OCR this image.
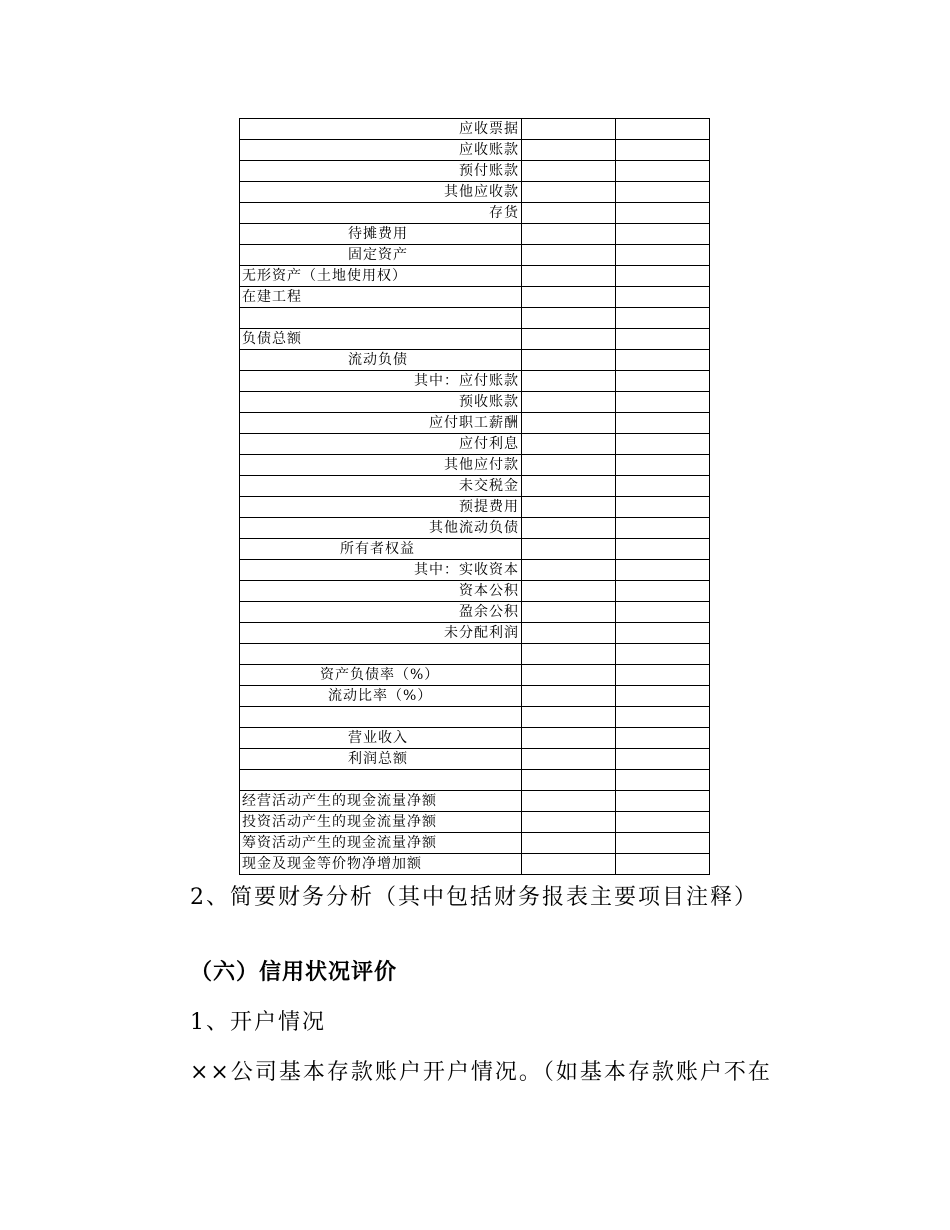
应收票据		
应收账款		
预付账款		
其他应收款		
存货		
待摊费用		
固定资产		
无形资产（土地使用权）		
在建工程		

负债总额		
流动负债		
其中：应付账款		
预收账款		
应付职工薪酬		
应付利息		
其他应付款		
未交税金		
预提费用		
其他流动负债		
所有者权益		
其中：实收资本		
资本公积		
盈余公积		
未分配利润		

资产负债率（%）		
流动比率（%）		

营业收入		
利润总额		

经营活动产生的现金流量净额		
投资活动产生的现金流量净额		
筹资活动产生的现金流量净额		
现金及现金等价物净增加额		
2、简要财务分析（其中包括财务报表主要项目注释）
（六）信用状况评价
1、开户情况
××公司基本存款账户开户情况。（如基本存款账户不在
